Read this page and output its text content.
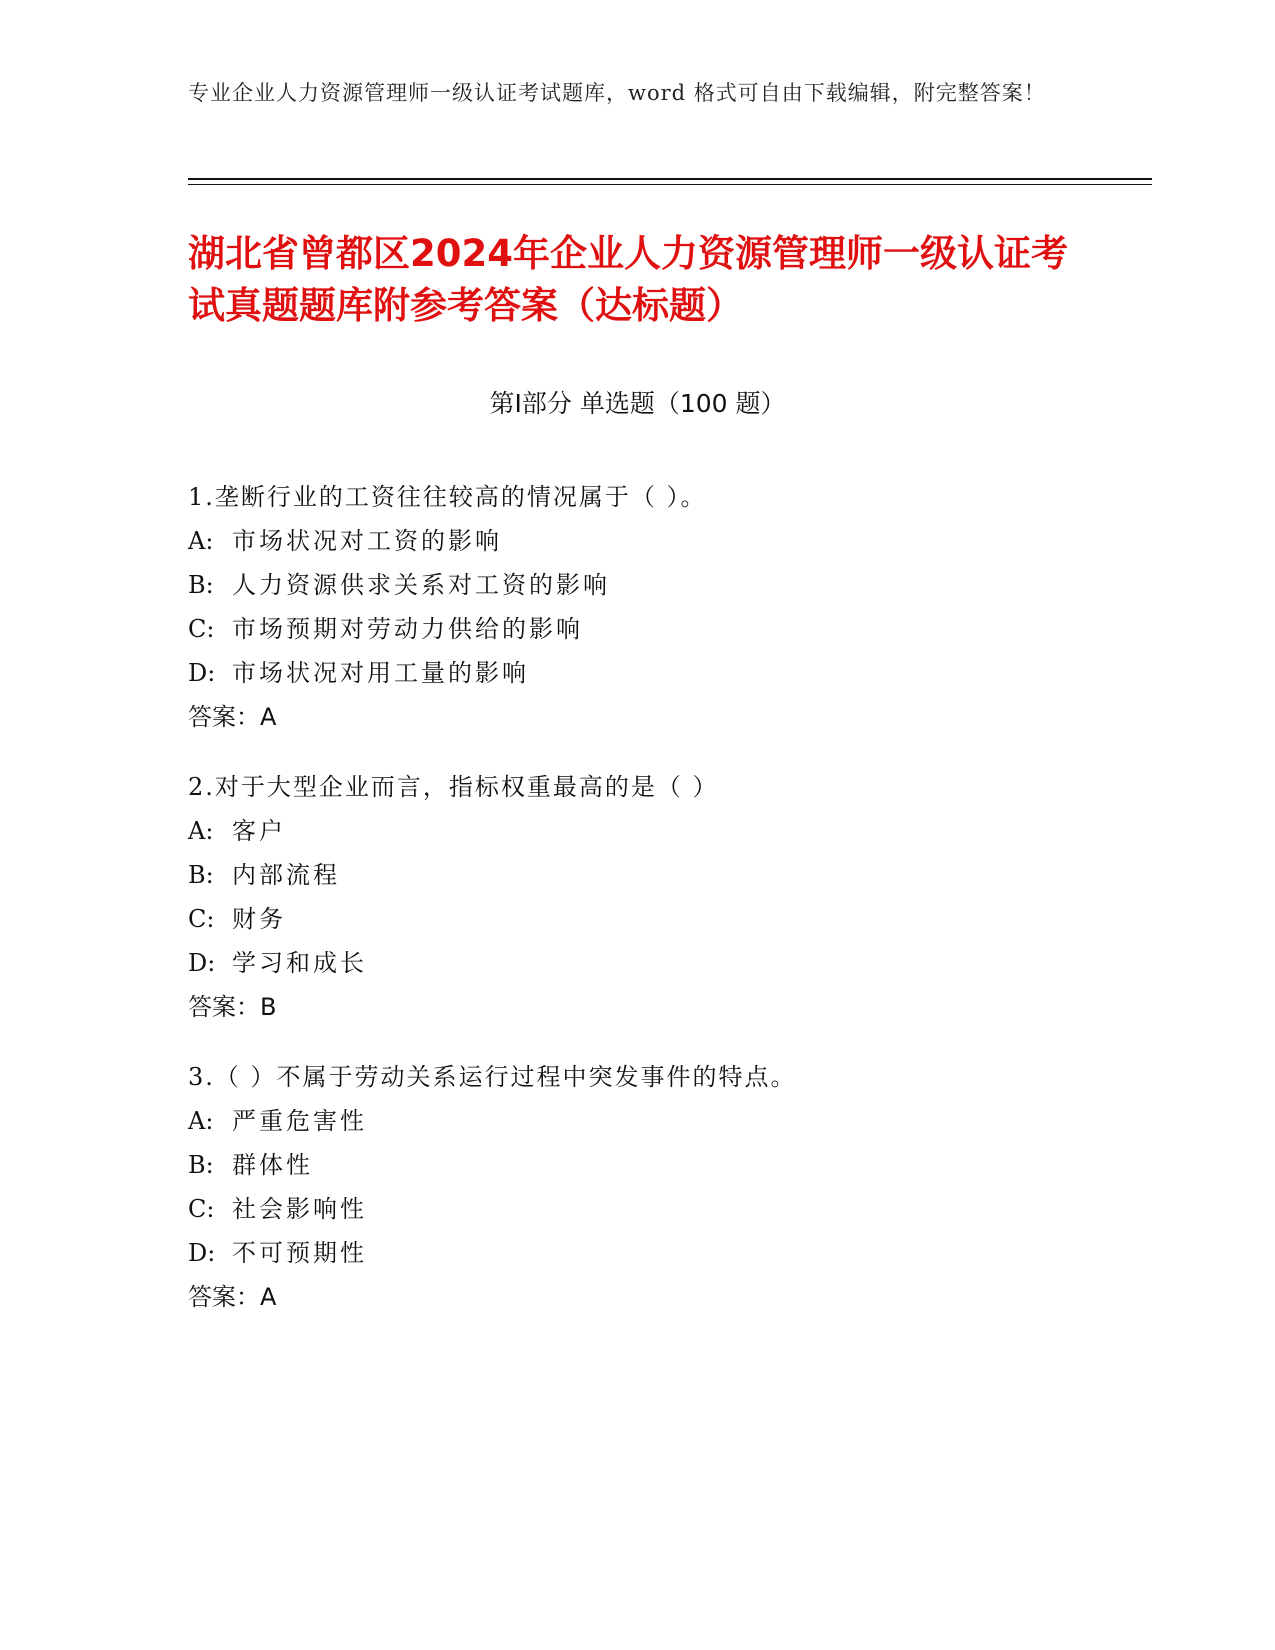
专业企业人力资源管理师一级认证考试题库，word 格式可自由下载编辑，附完整答案！
湖北省曾都区2024年企业人力资源管理师一级认证考试真题题库附参考答案（达标题）
第Ⅰ部分 单选题（100 题）
1.垄断行业的工资往往较高的情况属于（ ）。
A: 市场状况对工资的影响
B: 人力资源供求关系对工资的影响
C: 市场预期对劳动力供给的影响
D: 市场状况对用工量的影响
答案：A
2.对于大型企业而言，指标权重最高的是（ ）
A: 客户
B: 内部流程
C: 财务
D: 学习和成长
答案：B
3.（ ）不属于劳动关系运行过程中突发事件的特点。
A: 严重危害性
B: 群体性
C: 社会影响性
D: 不可预期性
答案：A
